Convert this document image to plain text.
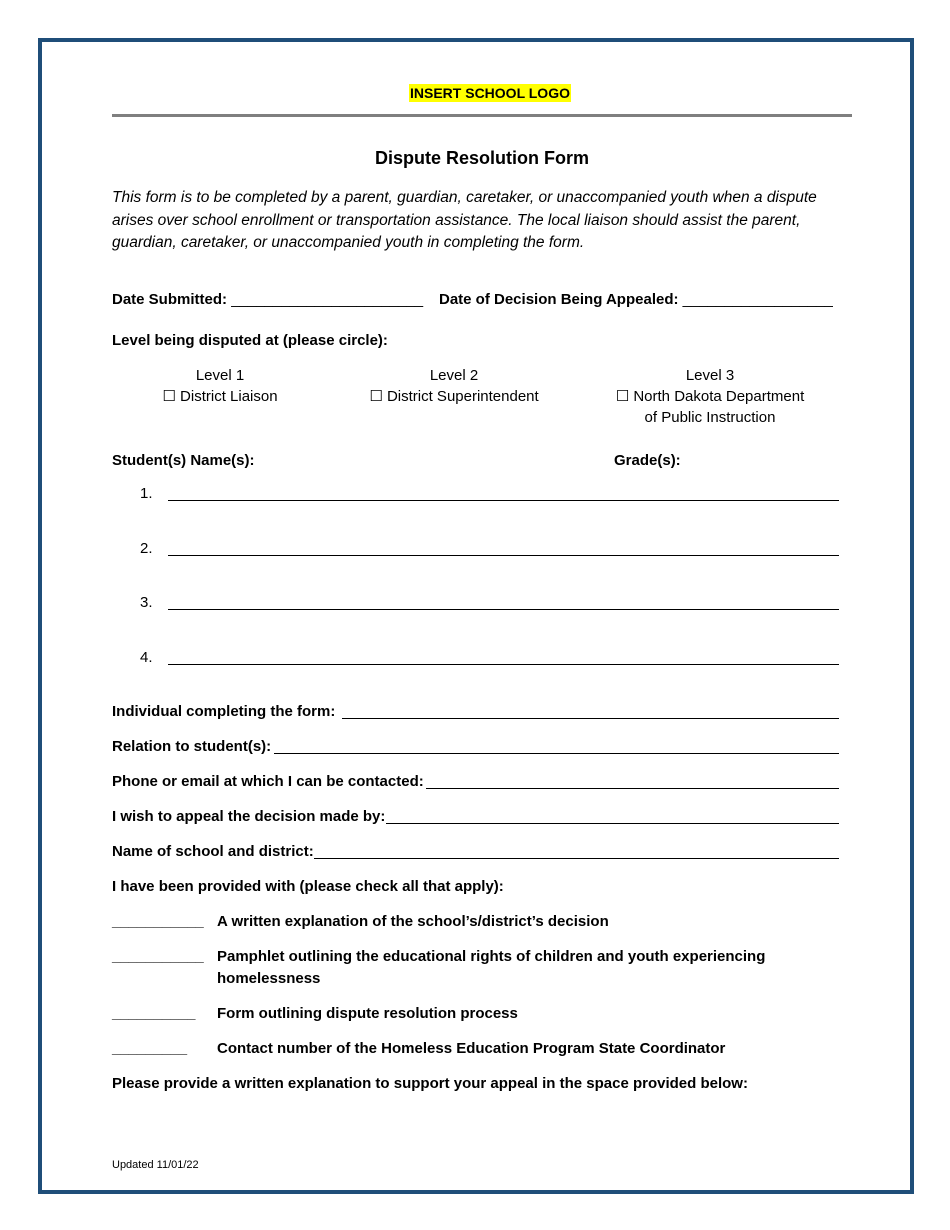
INSERT SCHOOL LOGO
Dispute Resolution Form
This form is to be completed by a parent, guardian, caretaker, or unaccompanied youth when a dispute arises over school enrollment or transportation assistance. The local liaison should assist the parent, guardian, caretaker, or unaccompanied youth in completing the form.
Date Submitted: _______________________ Date of Decision Being Appealed: __________________
Level being disputed at (please circle):
Level 1
☐ District Liaison
Level 2
☐ District Superintendent
Level 3
☐ North Dakota Department
of Public Instruction
Student(s) Name(s):	Grade(s):
1.
2.
3.
4.
Individual completing the form:
Relation to student(s):
Phone or email at which I can be contacted:
I wish to appeal the decision made by:
Name of school and district:
I have been provided with (please check all that apply):
___________ A written explanation of the school’s/district’s decision
___________ Pamphlet outlining the educational rights of children and youth experiencing
homelessness
__________ Form outlining dispute resolution process
_________ Contact number of the Homeless Education Program State Coordinator
Please provide a written explanation to support your appeal in the space provided below:
Updated 11/01/22
